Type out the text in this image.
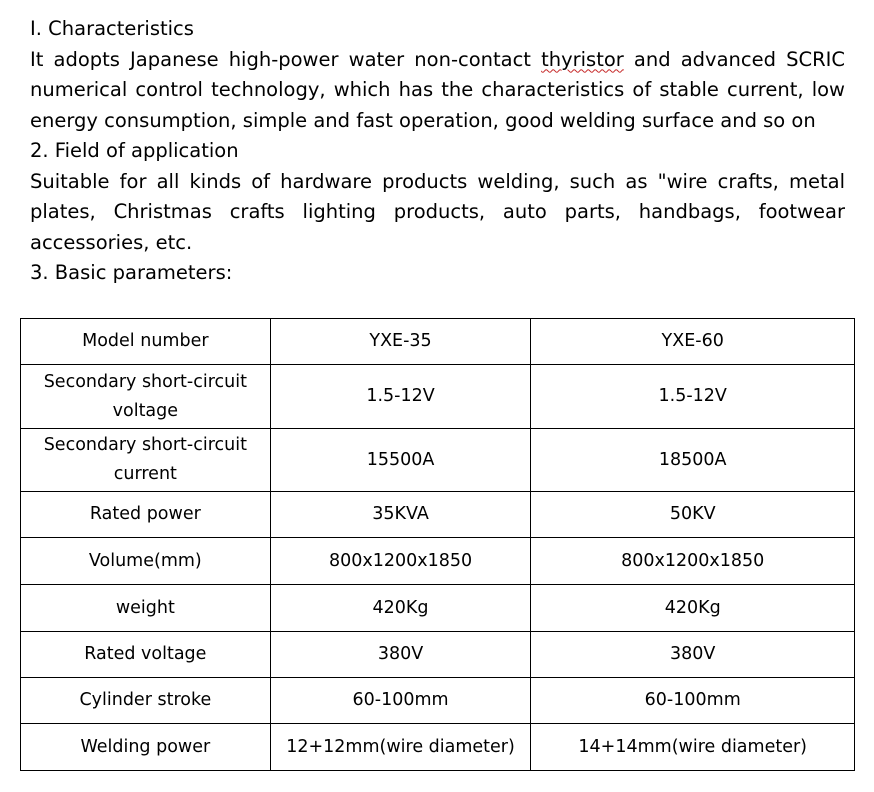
I. Characteristics

It adopts Japanese high-power water non-contact thyristor and advanced SCRIC numerical control technology, which has the characteristics of stable current, low energy consumption, simple and fast operation, good welding surface and so on

2. Field of application

Suitable for all kinds of hardware products welding, such as "wire crafts, metal plates, Christmas crafts lighting products, auto parts, handbags, footwear accessories, etc.

3. Basic parameters:

Model number	YXE-35	YXE-60
Secondary short-circuit voltage	1.5-12V	1.5-12V
Secondary short-circuit current	15500A	18500A
Rated power	35KVA	50KV
Volume(mm)	800x1200x1850	800x1200x1850
weight	420Kg	420Kg
Rated voltage	380V	380V
Cylinder stroke	60-100mm	60-100mm
Welding power	12+12mm(wire diameter)	14+14mm(wire diameter)
